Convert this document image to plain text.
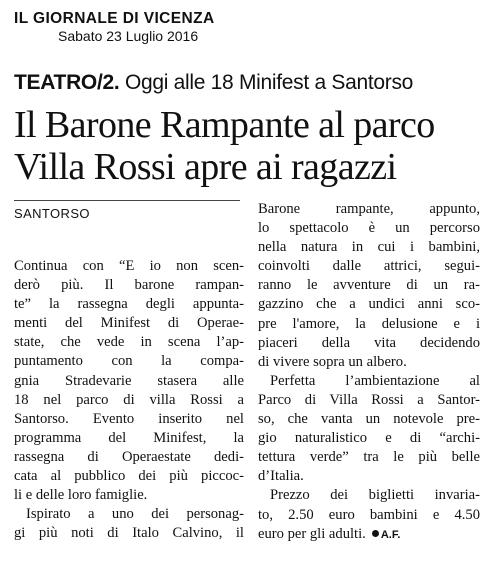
IL GIORNALE DI VICENZA
Sabato 23 Luglio 2016
TEATRO/2. Oggi alle 18 Minifest a Santorso
Il Barone Rampante al parco
Villa Rossi apre ai ragazzi
SANTORSO
Continua con “E io non scen-
derò più. Il barone rampan-
te” la rassegna degli appunta-
menti del Minifest di Operae-
state, che vede in scena l’ap-
puntamento con la compa-
gnia Stradevarie stasera alle
18 nel parco di villa Rossi a
Santorso. Evento inserito nel
programma del Minifest, la
rassegna di Operaestate dedi-
cata al pubblico dei più piccoc-
li e delle loro famiglie.
Ispirato a uno dei personag-
gi più noti di Italo Calvino, il
Barone rampante, appunto,
lo spettacolo è un percorso
nella natura in cui i bambini,
coinvolti dalle attrici, segui-
ranno le avventure di un ra-
gazzino che a undici anni sco-
pre l'amore, la delusione e i
piaceri della vita decidendo
di vivere sopra un albero.
Perfetta l’ambientazione al
Parco di Villa Rossi a Santor-
so, che vanta un notevole pre-
gio naturalistico e di “archi-
tettura verde” tra le più belle
d’Italia.
Prezzo dei biglietti invaria-
to, 2.50 euro bambini e 4.50
euro per gli adulti. A.F.
